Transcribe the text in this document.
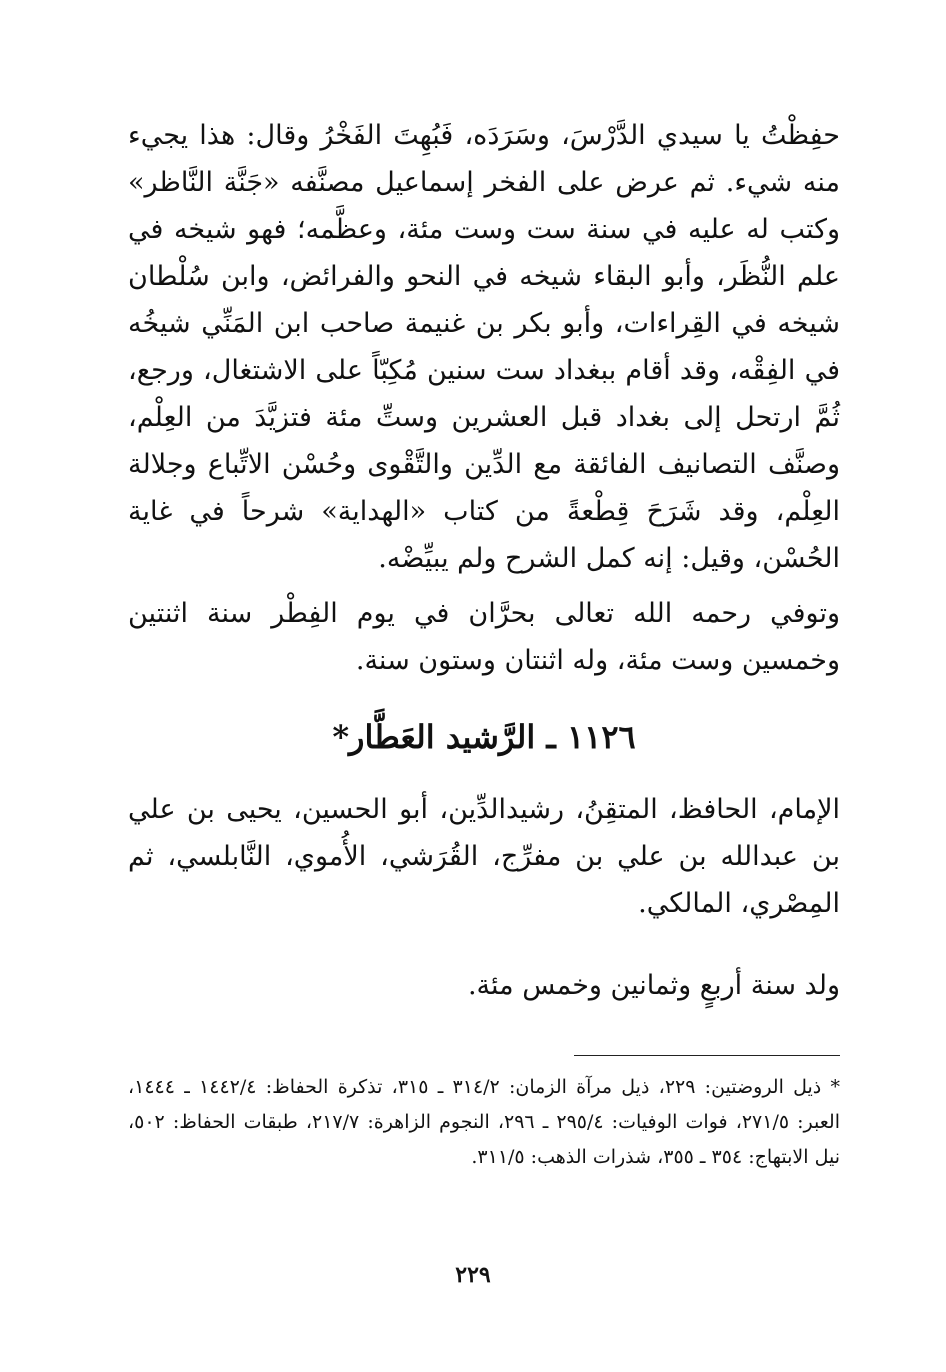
حفِظْتُ يا سيدي الدَّرْسَ، وسَرَدَه، فَبُهِتَ الفَخْرُ وقال: هذا يجيء منه شيء. ثم عرض على الفخر إسماعيل مصنَّفه «جَنَّة النَّاظر» وكتب له عليه في سنة ست وست مئة، وعظَّمه؛ فهو شيخه في علم النُّظَر، وأبو البقاء شيخه في النحو والفرائض، وابن سُلْطان شيخه في القِراءات، وأبو بكر بن غنيمة صاحب ابن المَنِّي شيخُه في الفِقْه، وقد أقام ببغداد ست سنين مُكِبّاً على الاشتغال، ورجع، ثُمَّ ارتحل إلى بغداد قبل العشرين وستِّ مئة فتزيَّدَ من العِلْم، وصنَّف التصانيف الفائقة مع الدِّين والتَّقْوى وحُسْن الاتِّباع وجلالة العِلْم، وقد شَرَحَ قِطْعةً من كتاب «الهداية» شرحاً في غاية الحُسْن، وقيل: إنه كمل الشرح ولم يبيِّضْه.

وتوفي رحمه الله تعالى بحرَّان في يوم الفِطْر سنة اثنتين وخمسين وست مئة، وله اثنتان وستون سنة.

١١٢٦ ـ الرَّشيد العَطَّار*

الإمام، الحافظ، المتقِنُ، رشيدالدِّين، أبو الحسين، يحيى بن علي بن عبدالله بن علي بن مفرِّج، القُرَشي، الأُموي، النَّابلسي، ثم المِصْري، المالكي.

ولد سنة أربعٍ وثمانين وخمس مئة.

* ذيل الروضتين: ٢٢٩، ذيل مرآة الزمان: ٣١٤/٢ ـ ٣١٥، تذكرة الحفاظ: ١٤٤٢/٤ ـ ١٤٤٤، العبر: ٢٧١/٥، فوات الوفيات: ٢٩٥/٤ ـ ٢٩٦، النجوم الزاهرة: ٢١٧/٧، طبقات الحفاظ: ٥٠٢، نيل الابتهاج: ٣٥٤ ـ ٣٥٥، شذرات الذهب: ٣١١/٥.

٢٢٩
